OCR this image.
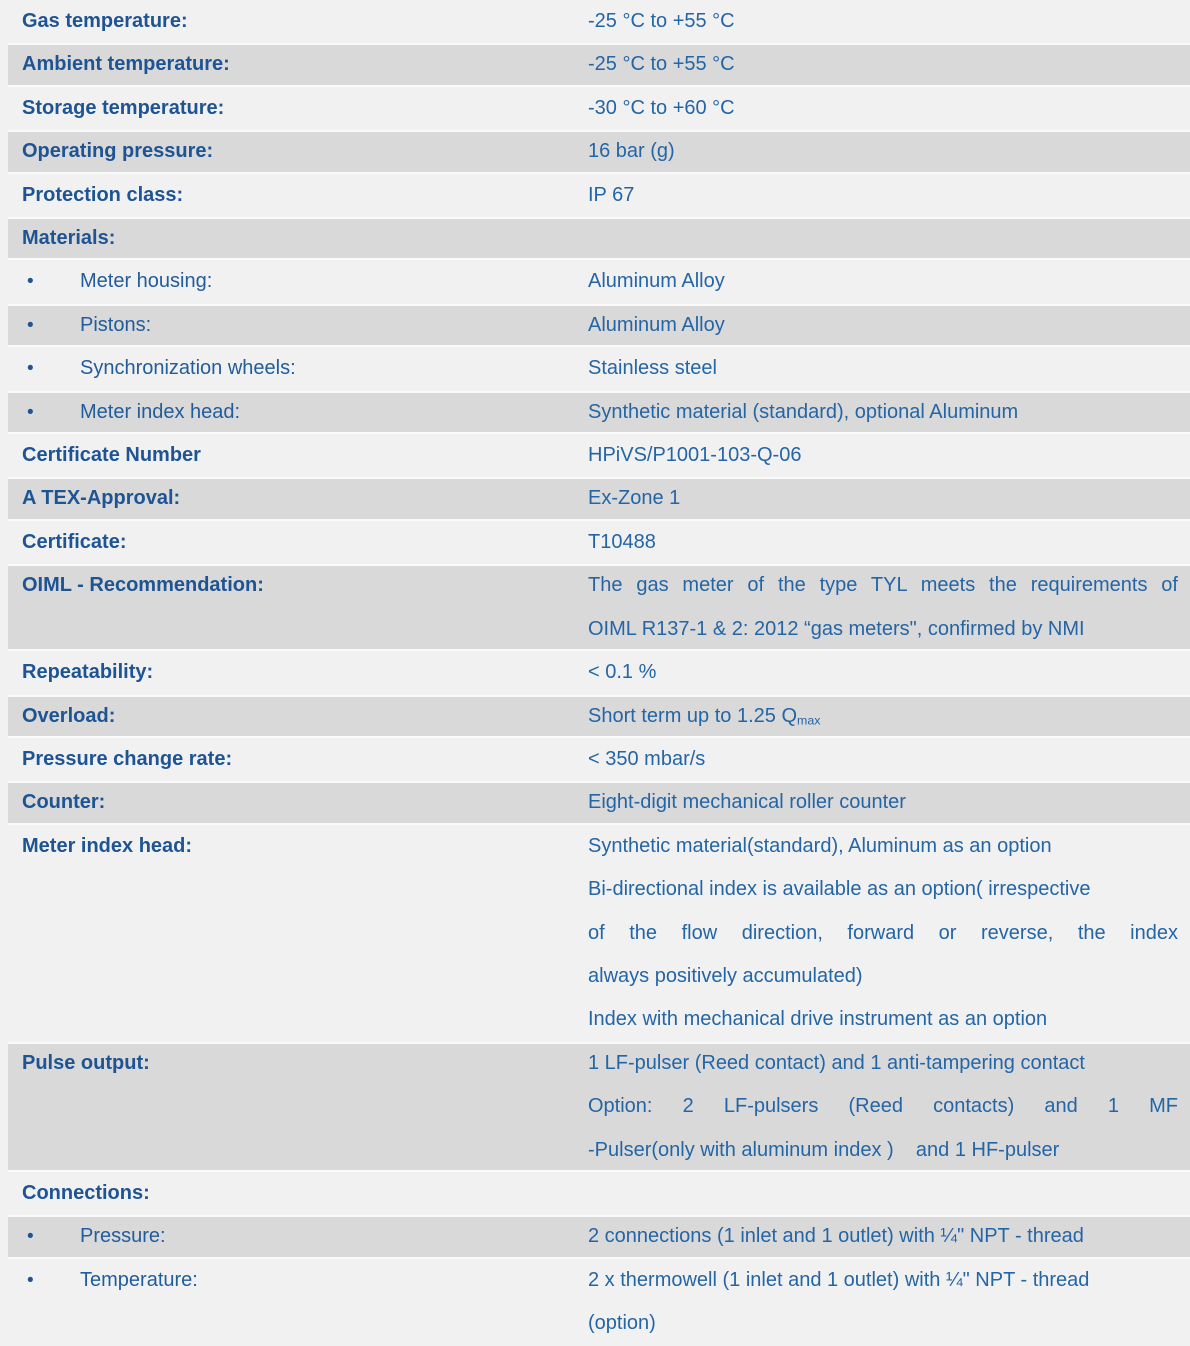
Gas temperature:	-25 °C to +55 °C
Ambient temperature:	-25 °C to +55 °C
Storage temperature:	-30 °C to +60 °C
Operating pressure:	16 bar (g)
Protection class:	IP 67
Materials:
•	Meter housing:	Aluminum Alloy
•	Pistons:	Aluminum Alloy
•	Synchronization wheels:	Stainless steel
•	Meter index head:	Synthetic material (standard), optional Aluminum
Certificate Number	HPiVS/P1001-103-Q-06
A TEX-Approval:	Ex-Zone 1
Certificate:	T10488
OIML - Recommendation:	The gas meter of the type TYL meets the requirements of
OIML R137-1 & 2: 2012 “gas meters", confirmed by NMI
Repeatability:	< 0.1 %
Overload:	Short term up to 1.25 $Q_{max}$
Pressure change rate:	< 350 mbar/s
Counter:	Eight-digit mechanical roller counter
Meter index head:	Synthetic material(standard), Aluminum as an option
Bi-directional index is available as an option( irrespective
of the flow direction, forward or reverse, the index
always positively accumulated)
Index with mechanical drive instrument as an option
Pulse output:	1 LF-pulser (Reed contact) and 1 anti-tampering contact
Option: 2 LF-pulsers (Reed contacts) and 1 MF
-Pulser(only with aluminum index )    and 1 HF-pulser
Connections:
•	Pressure:	2 connections (1 inlet and 1 outlet) with ¼" NPT - thread
•	Temperature:	2 x thermowell (1 inlet and 1 outlet) with ¼" NPT - thread
(option)
